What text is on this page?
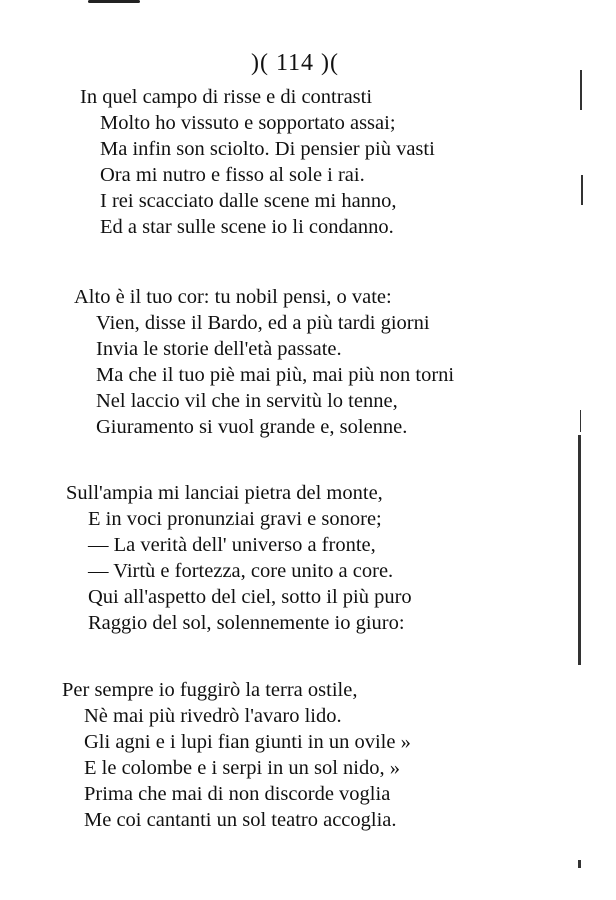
)( 114 )(
In quel campo di risse e di contrasti
Molto ho vissuto e sopportato assai;
Ma infin son sciolto. Di pensier più vasti
Ora mi nutro e fisso al sole i rai.
I rei scacciato dalle scene mi hanno,
Ed a star sulle scene io li condanno.
Alto è il tuo cor: tu nobil pensi, o vate:
Vien, disse il Bardo, ed a più tardi giorni
Invia le storie dell'età passate.
Ma che il tuo piè mai più, mai più non torni
Nel laccio vil che in servitù lo tenne,
Giuramento si vuol grande e, solenne.
Sull'ampia mi lanciai pietra del monte,
E in voci pronunziai gravi e sonore;
— La verità dell' universo a fronte,
— Virtù e fortezza, core unito a core.
Qui all'aspetto del ciel, sotto il più puro
Raggio del sol, solennemente io giuro:
Per sempre io fuggirò la terra ostile,
Nè mai più rivedrò l'avaro lido.
Gli agni e i lupi fian giunti in un ovile »
E le colombe e i serpi in un sol nido, »
Prima che mai di non discorde voglia
Me coi cantanti un sol teatro accoglia.
